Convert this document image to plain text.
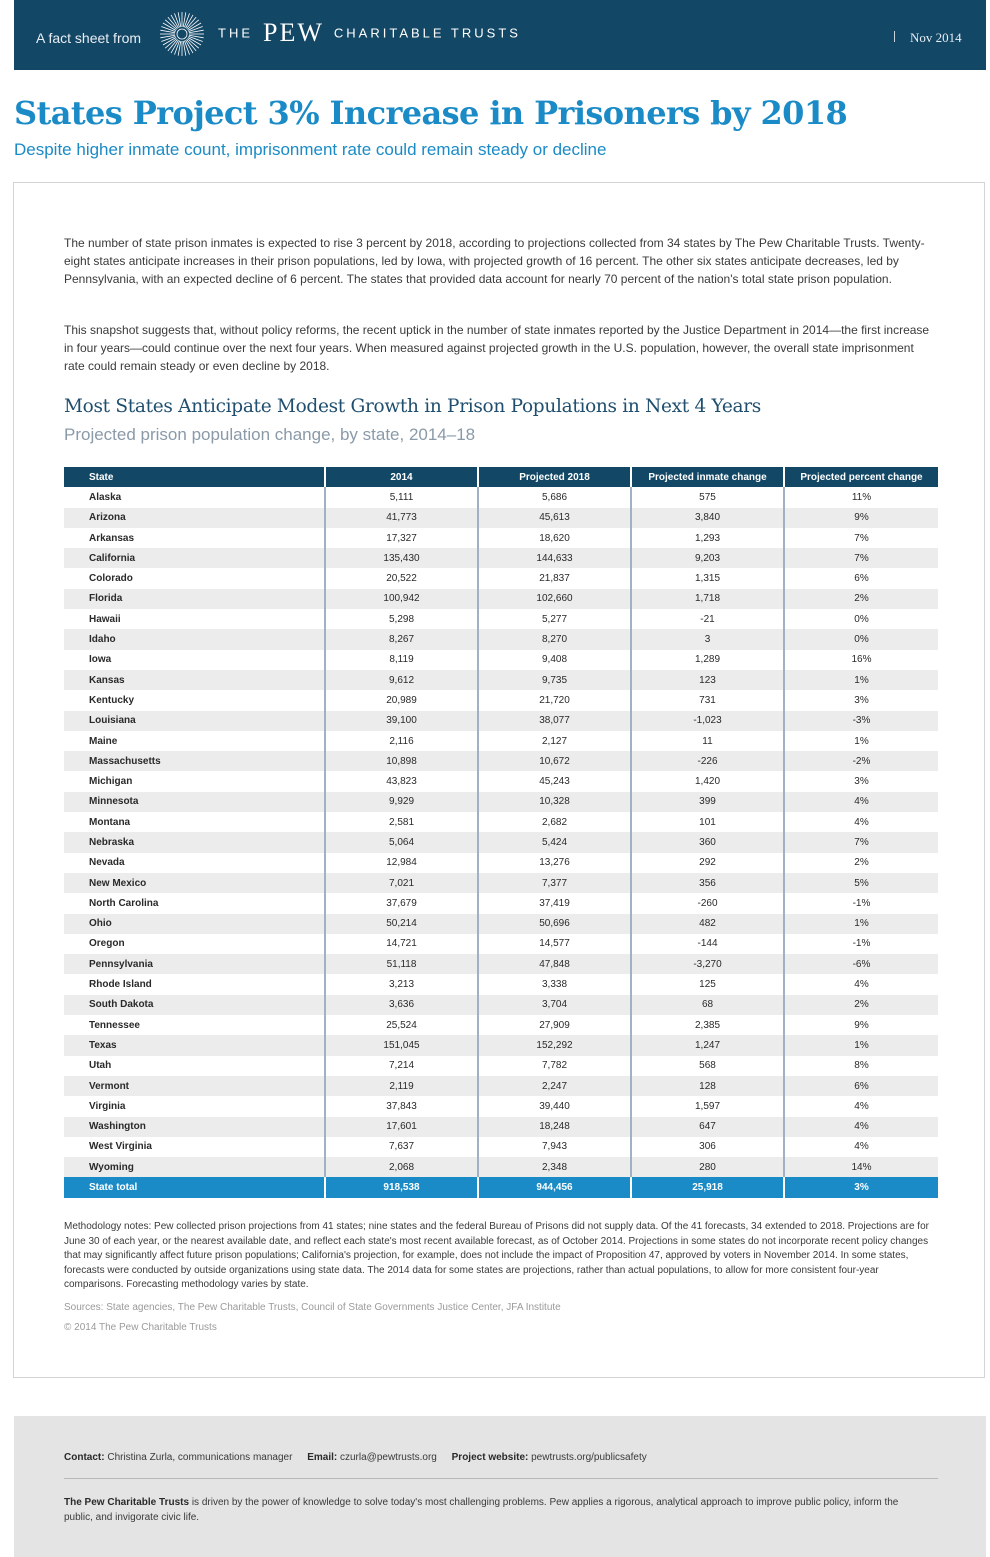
A fact sheet from	THE PEW CHARITABLE TRUSTS	Nov 2014
States Project 3% Increase in Prisoners by 2018
Despite higher inmate count, imprisonment rate could remain steady or decline

The number of state prison inmates is expected to rise 3 percent by 2018, according to projections collected from 34 states by The Pew Charitable Trusts. Twenty-eight states anticipate increases in their prison populations, led by Iowa, with projected growth of 16 percent. The other six states anticipate decreases, led by Pennsylvania, with an expected decline of 6 percent. The states that provided data account for nearly 70 percent of the nation's total state prison population.

This snapshot suggests that, without policy reforms, the recent uptick in the number of state inmates reported by the Justice Department in 2014—the first increase in four years—could continue over the next four years. When measured against projected growth in the U.S. population, however, the overall state imprisonment rate could remain steady or even decline by 2018.

Most States Anticipate Modest Growth in Prison Populations in Next 4 Years
Projected prison population change, by state, 2014–18
State	2014	Projected 2018	Projected inmate change	Projected percent change
Alaska	5,111	5,686	575	11%
Arizona	41,773	45,613	3,840	9%
Arkansas	17,327	18,620	1,293	7%
California	135,430	144,633	9,203	7%
Colorado	20,522	21,837	1,315	6%
Florida	100,942	102,660	1,718	2%
Hawaii	5,298	5,277	-21	0%
Idaho	8,267	8,270	3	0%
Iowa	8,119	9,408	1,289	16%
Kansas	9,612	9,735	123	1%
Kentucky	20,989	21,720	731	3%
Louisiana	39,100	38,077	-1,023	-3%
Maine	2,116	2,127	11	1%
Massachusetts	10,898	10,672	-226	-2%
Michigan	43,823	45,243	1,420	3%
Minnesota	9,929	10,328	399	4%
Montana	2,581	2,682	101	4%
Nebraska	5,064	5,424	360	7%
Nevada	12,984	13,276	292	2%
New Mexico	7,021	7,377	356	5%
North Carolina	37,679	37,419	-260	-1%
Ohio	50,214	50,696	482	1%
Oregon	14,721	14,577	-144	-1%
Pennsylvania	51,118	47,848	-3,270	-6%
Rhode Island	3,213	3,338	125	4%
South Dakota	3,636	3,704	68	2%
Tennessee	25,524	27,909	2,385	9%
Texas	151,045	152,292	1,247	1%
Utah	7,214	7,782	568	8%
Vermont	2,119	2,247	128	6%
Virginia	37,843	39,440	1,597	4%
Washington	17,601	18,248	647	4%
West Virginia	7,637	7,943	306	4%
Wyoming	2,068	2,348	280	14%
State total	918,538	944,456	25,918	3%

Methodology notes: Pew collected prison projections from 41 states; nine states and the federal Bureau of Prisons did not supply data. Of the 41 forecasts, 34 extended to 2018. Projections are for June 30 of each year, or the nearest available date, and reflect each state's most recent available forecast, as of October 2014. Projections in some states do not incorporate recent policy changes that may significantly affect future prison populations; California's projection, for example, does not include the impact of Proposition 47, approved by voters in November 2014. In some states, forecasts were conducted by outside organizations using state data. The 2014 data for some states are projections, rather than actual populations, to allow for more consistent four-year comparisons. Forecasting methodology varies by state.

Sources: State agencies, The Pew Charitable Trusts, Council of State Governments Justice Center, JFA Institute
© 2014 The Pew Charitable Trusts
Contact: Christina Zurla, communications manager Email: czurla@pewtrusts.org Project website: pewtrusts.org/publicsafety

The Pew Charitable Trusts is driven by the power of knowledge to solve today's most challenging problems. Pew applies a rigorous, analytical approach to improve public policy, inform the public, and invigorate civic life.
